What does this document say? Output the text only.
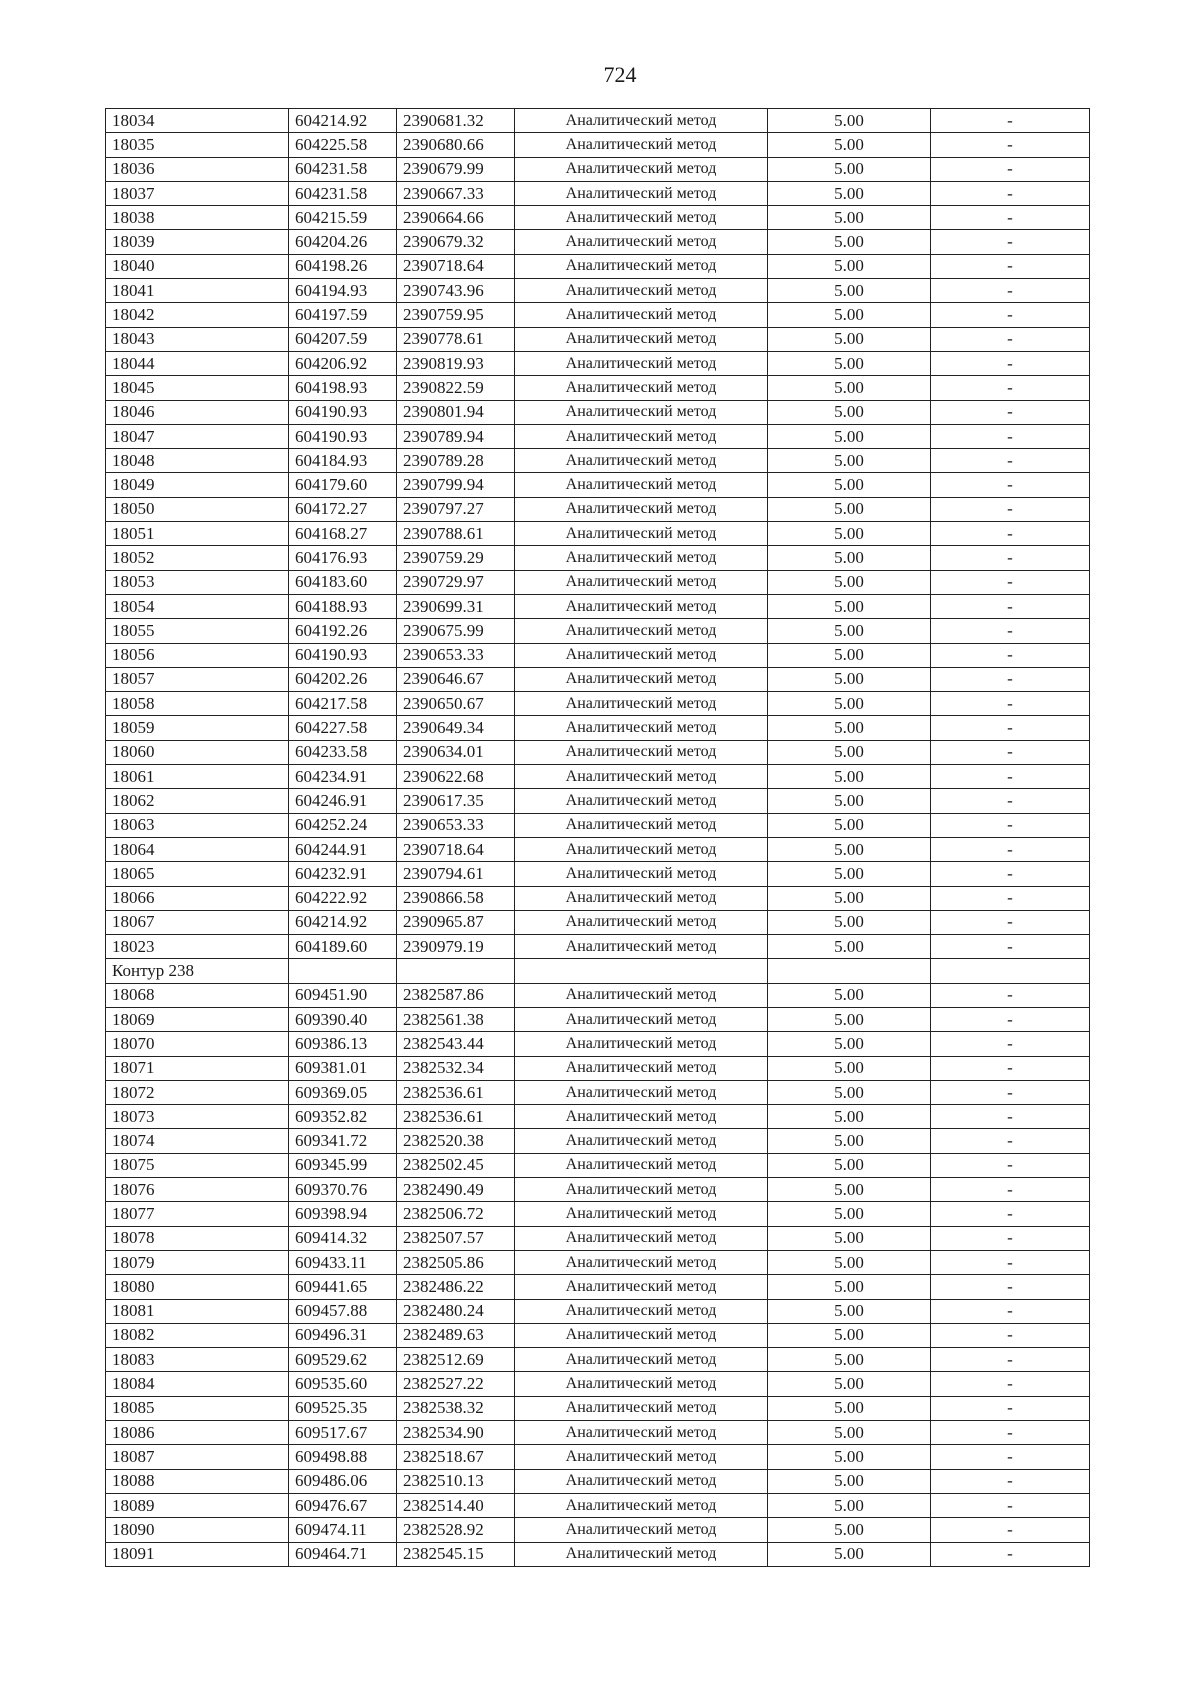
724
18034	604214.92	2390681.32	Аналитический метод	5.00	-
18035	604225.58	2390680.66	Аналитический метод	5.00	-
18036	604231.58	2390679.99	Аналитический метод	5.00	-
18037	604231.58	2390667.33	Аналитический метод	5.00	-
18038	604215.59	2390664.66	Аналитический метод	5.00	-
18039	604204.26	2390679.32	Аналитический метод	5.00	-
18040	604198.26	2390718.64	Аналитический метод	5.00	-
18041	604194.93	2390743.96	Аналитический метод	5.00	-
18042	604197.59	2390759.95	Аналитический метод	5.00	-
18043	604207.59	2390778.61	Аналитический метод	5.00	-
18044	604206.92	2390819.93	Аналитический метод	5.00	-
18045	604198.93	2390822.59	Аналитический метод	5.00	-
18046	604190.93	2390801.94	Аналитический метод	5.00	-
18047	604190.93	2390789.94	Аналитический метод	5.00	-
18048	604184.93	2390789.28	Аналитический метод	5.00	-
18049	604179.60	2390799.94	Аналитический метод	5.00	-
18050	604172.27	2390797.27	Аналитический метод	5.00	-
18051	604168.27	2390788.61	Аналитический метод	5.00	-
18052	604176.93	2390759.29	Аналитический метод	5.00	-
18053	604183.60	2390729.97	Аналитический метод	5.00	-
18054	604188.93	2390699.31	Аналитический метод	5.00	-
18055	604192.26	2390675.99	Аналитический метод	5.00	-
18056	604190.93	2390653.33	Аналитический метод	5.00	-
18057	604202.26	2390646.67	Аналитический метод	5.00	-
18058	604217.58	2390650.67	Аналитический метод	5.00	-
18059	604227.58	2390649.34	Аналитический метод	5.00	-
18060	604233.58	2390634.01	Аналитический метод	5.00	-
18061	604234.91	2390622.68	Аналитический метод	5.00	-
18062	604246.91	2390617.35	Аналитический метод	5.00	-
18063	604252.24	2390653.33	Аналитический метод	5.00	-
18064	604244.91	2390718.64	Аналитический метод	5.00	-
18065	604232.91	2390794.61	Аналитический метод	5.00	-
18066	604222.92	2390866.58	Аналитический метод	5.00	-
18067	604214.92	2390965.87	Аналитический метод	5.00	-
18023	604189.60	2390979.19	Аналитический метод	5.00	-
Контур 238					
18068	609451.90	2382587.86	Аналитический метод	5.00	-
18069	609390.40	2382561.38	Аналитический метод	5.00	-
18070	609386.13	2382543.44	Аналитический метод	5.00	-
18071	609381.01	2382532.34	Аналитический метод	5.00	-
18072	609369.05	2382536.61	Аналитический метод	5.00	-
18073	609352.82	2382536.61	Аналитический метод	5.00	-
18074	609341.72	2382520.38	Аналитический метод	5.00	-
18075	609345.99	2382502.45	Аналитический метод	5.00	-
18076	609370.76	2382490.49	Аналитический метод	5.00	-
18077	609398.94	2382506.72	Аналитический метод	5.00	-
18078	609414.32	2382507.57	Аналитический метод	5.00	-
18079	609433.11	2382505.86	Аналитический метод	5.00	-
18080	609441.65	2382486.22	Аналитический метод	5.00	-
18081	609457.88	2382480.24	Аналитический метод	5.00	-
18082	609496.31	2382489.63	Аналитический метод	5.00	-
18083	609529.62	2382512.69	Аналитический метод	5.00	-
18084	609535.60	2382527.22	Аналитический метод	5.00	-
18085	609525.35	2382538.32	Аналитический метод	5.00	-
18086	609517.67	2382534.90	Аналитический метод	5.00	-
18087	609498.88	2382518.67	Аналитический метод	5.00	-
18088	609486.06	2382510.13	Аналитический метод	5.00	-
18089	609476.67	2382514.40	Аналитический метод	5.00	-
18090	609474.11	2382528.92	Аналитический метод	5.00	-
18091	609464.71	2382545.15	Аналитический метод	5.00	-
